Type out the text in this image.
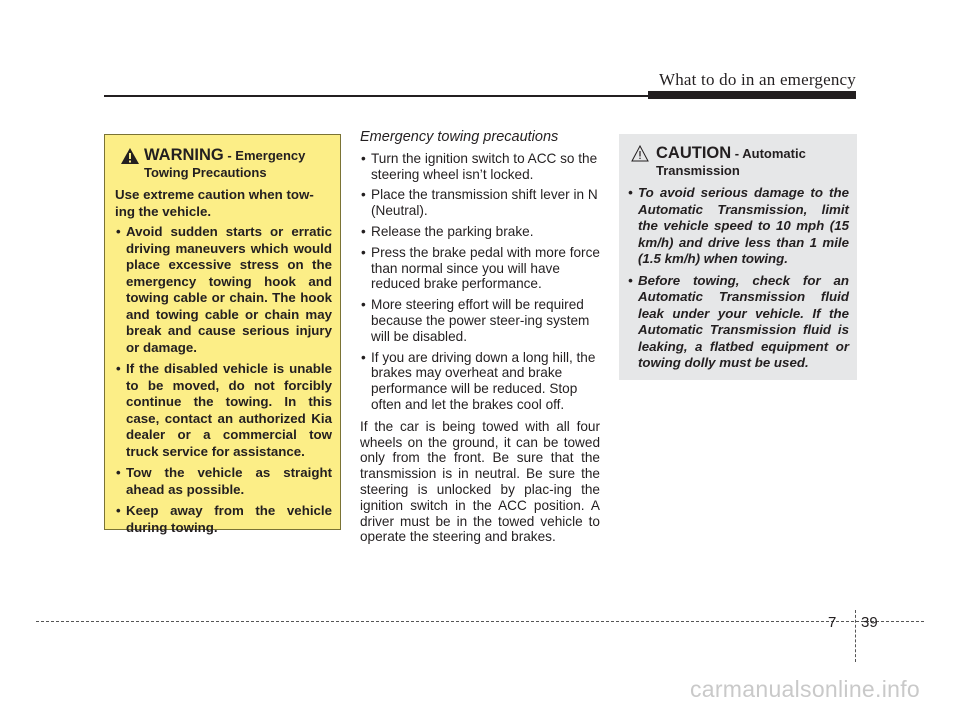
What to do in an emergency
WARNING - Emergency
Towing Precautions

Use extreme caution when tow-ing the vehicle.

• Avoid sudden starts or erratic driving maneuvers which would place excessive stress on the emergency towing hook and towing cable or chain. The hook and towing cable or chain may break and cause serious injury or damage.
• If the disabled vehicle is unable to be moved, do not forcibly continue the towing. In this case, contact an authorized Kia dealer or a commercial tow truck service for assistance.
• Tow the vehicle as straight ahead as possible.
• Keep away from the vehicle during towing.

Emergency towing precautions

• Turn the ignition switch to ACC so the steering wheel isn’t locked.
• Place the transmission shift lever in N (Neutral).
• Release the parking brake.
• Press the brake pedal with more force than normal since you will have reduced brake performance.
• More steering effort will be required because the power steer-ing system will be disabled.
• If you are driving down a long hill, the brakes may overheat and brake performance will be reduced. Stop often and let the brakes cool off.

If the car is being towed with all four wheels on the ground, it can be towed only from the front. Be sure that the transmission is in neutral. Be sure the steering is unlocked by plac-ing the ignition switch in the ACC position. A driver must be in the towed vehicle to operate the steering and brakes.

CAUTION - Automatic
Transmission
• To avoid serious damage to the Automatic Transmission, limit the vehicle speed to 10 mph (15 km/h) and drive less than 1 mile (1.5 km/h) when towing.
• Before towing, check for an Automatic Transmission fluid leak under your vehicle. If the Automatic Transmission fluid is leaking, a flatbed equipment or towing dolly must be used.
7 39
carmanualsonline.info
